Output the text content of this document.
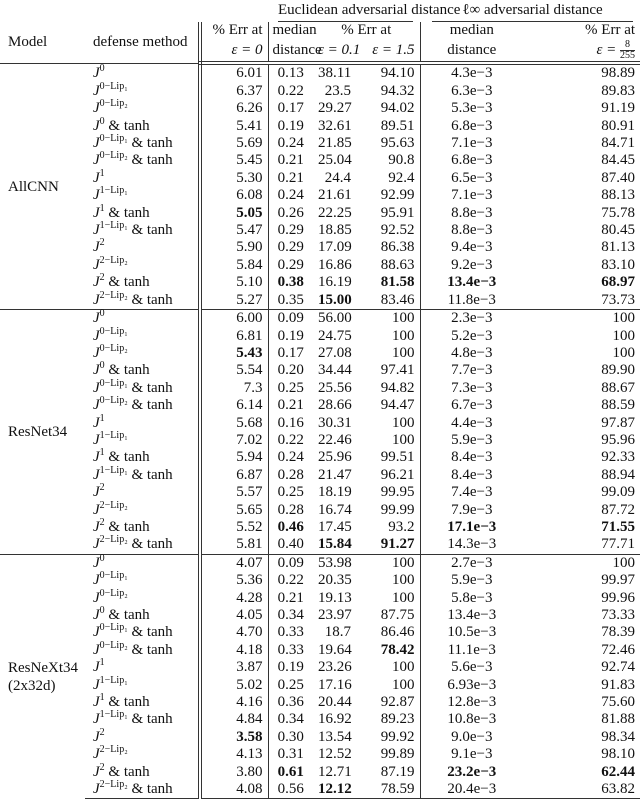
			Euclidean adversarial distance			ℓ∞ adversarial distance	

Model	defense method	% Err at	median	% Err at		median	% Err at
		ε = 0	distance	ε = 0.1	ε = 1.5	distance	$\varepsilon = \frac{8}{255}$

AllCNN	$J^0$	6.01	0.13	38.11	94.10	4.3e−3	98.89
	$J^{0-Lip_1}$	6.37	0.22	23.5	94.32	6.3e−3	89.83
	$J^{0-Lip_2}$	6.26	0.17	29.27	94.02	5.3e−3	91.19
	$J^0$ & tanh	5.41	0.19	32.61	89.51	6.8e−3	80.91
	$J^{0-Lip_1}$ & tanh	5.69	0.24	21.85	95.63	7.1e−3	84.71
	$J^{0-Lip_2}$ & tanh	5.45	0.21	25.04	90.8	6.8e−3	84.45
	$J^1$	5.30	0.21	24.4	92.4	6.5e−3	87.40
	$J^{1-Lip_1}$	6.08	0.24	21.61	92.99	7.1e−3	88.13
	$J^1$ & tanh	5.05	0.26	22.25	95.91	8.8e−3	75.78
	$J^{1-Lip_1}$ & tanh	5.47	0.29	18.85	92.52	8.8e−3	80.45
	$J^2$	5.90	0.29	17.09	86.38	9.4e−3	81.13
	$J^{2-Lip_2}$	5.84	0.29	16.86	88.63	9.2e−3	83.10
	$J^2$ & tanh	5.10	0.38	16.19	81.58	13.4e−3	68.97
	$J^{2-Lip_2}$ & tanh	5.27	0.35	15.00	83.46	11.8e−3	73.73
ResNet34	$J^0$	6.00	0.09	56.00	100	2.3e−3	100
	$J^{0-Lip_1}$	6.81	0.19	24.75	100	5.2e−3	100
	$J^{0-Lip_2}$	5.43	0.17	27.08	100	4.8e−3	100
	$J^0$ & tanh	5.54	0.20	34.44	97.41	7.7e−3	89.90
	$J^{0-Lip_1}$ & tanh	7.3	0.25	25.56	94.82	7.3e−3	88.67
	$J^{0-Lip_2}$ & tanh	6.14	0.21	28.66	94.47	6.7e−3	88.59
	$J^1$	5.68	0.16	30.31	100	4.4e−3	97.87
	$J^{1-Lip_1}$	7.02	0.22	22.46	100	5.9e−3	95.96
	$J^1$ & tanh	5.94	0.24	25.96	99.51	8.4e−3	92.33
	$J^{1-Lip_1}$ & tanh	6.87	0.28	21.47	96.21	8.4e−3	88.94
	$J^2$	5.57	0.25	18.19	99.95	7.4e−3	99.09
	$J^{2-Lip_2}$	5.65	0.28	16.74	99.99	7.9e−3	87.72
	$J^2$ & tanh	5.52	0.46	17.45	93.2	17.1e−3	71.55
	$J^{2-Lip_2}$ & tanh	5.81	0.40	15.84	91.27	14.3e−3	77.71
ResNeXt34
(2x32d)	$J^0$	4.07	0.09	53.98	100	2.7e−3	100
	$J^{0-Lip_1}$	5.36	0.22	20.35	100	5.9e−3	99.97
	$J^{0-Lip_2}$	4.28	0.21	19.13	100	5.8e−3	99.96
	$J^0$ & tanh	4.05	0.34	23.97	87.75	13.4e−3	73.33
	$J^{0-Lip_1}$ & tanh	4.70	0.33	18.7	86.46	10.5e−3	78.39
	$J^{0-Lip_2}$ & tanh	4.18	0.33	19.64	78.42	11.1e−3	72.46
	$J^1$	3.87	0.19	23.26	100	5.6e−3	92.74
	$J^{1-Lip_1}$	5.02	0.25	17.16	100	6.93e−3	91.83
	$J^1$ & tanh	4.16	0.36	20.44	92.87	12.8e−3	75.60
	$J^{1-Lip_1}$ & tanh	4.84	0.34	16.92	89.23	10.8e−3	81.88
	$J^2$	3.58	0.30	13.54	99.92	9.0e−3	98.34
	$J^{2-Lip_2}$	4.13	0.31	12.52	99.89	9.1e−3	98.10
	$J^2$ & tanh	3.80	0.61	12.71	87.19	23.2e−3	62.44
	$J^{2-Lip_2}$ & tanh	4.08	0.56	12.12	78.59	20.4e−3	63.82
